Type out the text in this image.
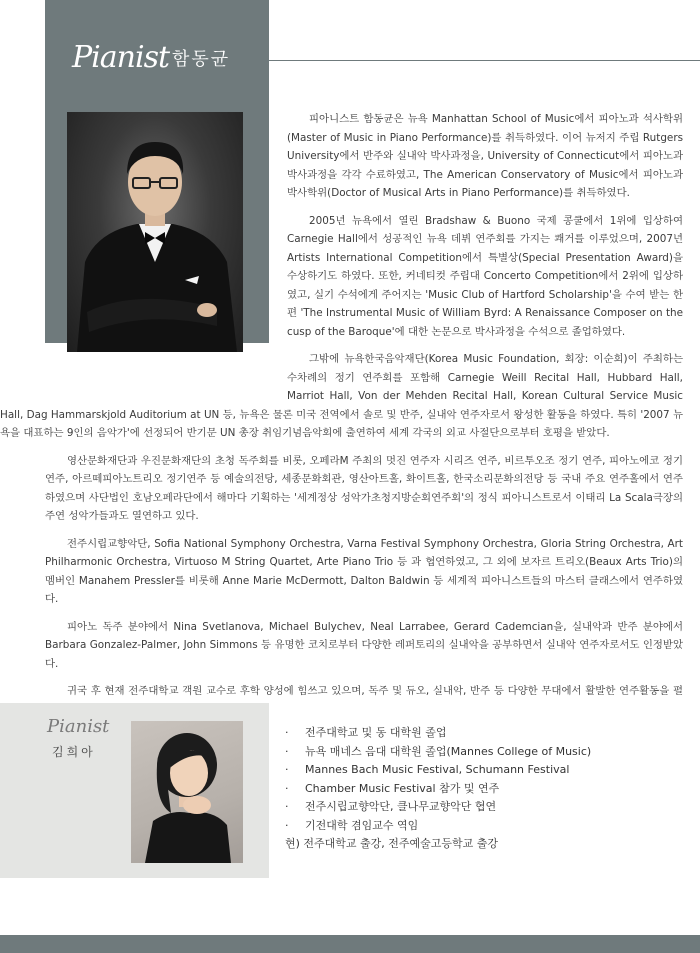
Pianist 함동균

피아니스트 함동균은 뉴욕 Manhattan School of Music에서 피아노과 석사학위(Master of Music in Piano Performance)를 취득하였다. 이어 뉴저지 주립 Rutgers University에서 반주와 실내악 박사과정을, University of Connecticut에서 피아노과 박사과정을 각각 수료하였고, The American Conservatory of Music에서 피아노과 박사학위(Doctor of Musical Arts in Piano Performance)를 취득하였다.

2005년 뉴욕에서 열린 Bradshaw & Buono 국제 콩쿨에서 1위에 입상하여 Carnegie Hall에서 성공적인 뉴욕 데뷔 연주회를 가지는 쾌거를 이루었으며, 2007년 Artists International Competition에서 특별상(Special Presentation Award)을 수상하기도 하였다. 또한, 커네티컷 주립대 Concerto Competition에서 2위에 입상하였고, 실기 수석에게 주어지는 'Music Club of Hartford Scholarship'을 수여 받는 한편 'The Instrumental Music of William Byrd: A Renaissance Composer on the cusp of the Baroque'에 대한 논문으로 박사과정을 수석으로 졸업하였다.

그밖에 뉴욕한국음악재단(Korea Music Foundation, 회장: 이순희)이 주최하는 수차례의 정기 연주회를 포함해 Carnegie Weill Recital Hall, Hubbard Hall, Marriot Hall, Von der Mehden Recital Hall, Korean Cultural Service Music Hall, Dag Hammarskjold Auditorium at UN 등, 뉴욕은 물론 미국 전역에서 솔로 및 반주, 실내악 연주자로서 왕성한 활동을 하였다. 특히 '2007 뉴욕을 대표하는 9인의 음악가'에 선정되어 반기문 UN 총장 취임기념음악회에 출연하여 세계 각국의 외교 사절단으로부터 호평을 받았다.

영산문화재단과 우진문화재단의 초청 독주회를 비롯, 오페라M 주최의 멋진 연주자 시리즈 연주, 비르투오조 정기 연주, 피아노에코 정기연주, 아르떼피아노트리오 정기연주 등 예술의전당, 세종문화회관, 영산아트홀, 화이트홀, 한국소리문화의전당 등 국내 주요 연주홀에서 연주하였으며 사단법인 호남오페라단에서 해마다 기획하는 '세계정상 성악가초청지방순회연주회'의 정식 피아니스트로서 이태리 La Scala극장의 주연 성악가들과도 열연하고 있다.

전주시립교향악단, Sofia National Symphony Orchestra, Varna Festival Symphony Orchestra, Gloria String Orchestra, Art Philharmonic Orchestra, Virtuoso M String Quartet, Arte Piano Trio 등 과 협연하였고, 그 외에 보자르 트리오(Beaux Arts Trio)의 멤버인 Manahem Pressler를 비롯해 Anne Marie McDermott, Dalton Baldwin 등 세계적 피아니스트들의 마스터 클래스에서 연주하였다.

피아노 독주 분야에서 Nina Svetlanova, Michael Bulychev, Neal Larrabee, Gerard Cademcian을, 실내악과 반주 분야에서 Barbara Gonzalez-Palmer, John Simmons 등 유명한 코치로부터 다양한 레퍼토리의 실내악을 공부하면서 실내악 연주자로서도 인정받았다.

귀국 후 현재 전주대학교 객원 교수로 후학 양성에 힘쓰고 있으며, 독주 및 듀오, 실내악, 반주 등 다양한 무대에서 활발한 연주활동을 펼

Pianist
김희아
· 전주대학교 및 동 대학원 졸업
· 뉴욕 매네스 음대 대학원 졸업(Mannes College of Music)
· Mannes Bach Music Festival, Schumann Festival
· Chamber Music Festival 참가 및 연주
· 전주시립교향악단, 클나무교향악단 협연
· 기전대학 겸임교수 역임
현) 전주대학교 출강, 전주예술고등학교 출강
